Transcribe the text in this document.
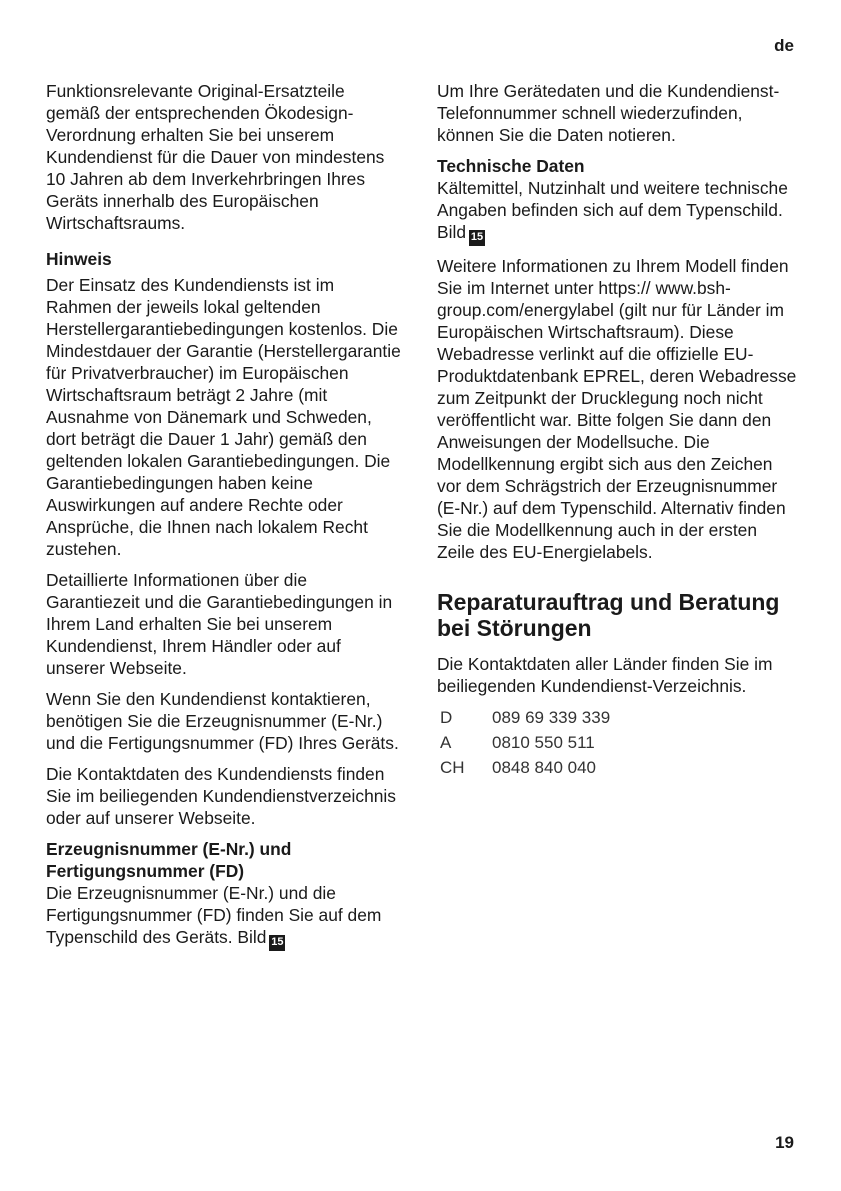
de

Funktionsrelevante Original-Ersatzteile gemäß der entsprechenden Ökodesign-Verordnung erhalten Sie bei unserem Kundendienst für die Dauer von mindestens 10 Jahren ab dem Inverkehrbringen Ihres Geräts innerhalb des Europäischen Wirtschaftsraums.

Hinweis

Der Einsatz des Kundendiensts ist im Rahmen der jeweils lokal geltenden Herstellergarantiebedingungen kostenlos. Die Mindestdauer der Garantie (Herstellergarantie für Privatverbraucher) im Europäischen Wirtschaftsraum beträgt 2 Jahre (mit Ausnahme von Dänemark und Schweden, dort beträgt die Dauer 1 Jahr) gemäß den geltenden lokalen Garantiebedingungen. Die Garantiebedingungen haben keine Auswirkungen auf andere Rechte oder Ansprüche, die Ihnen nach lokalem Recht zustehen.

Detaillierte Informationen über die Garantiezeit und die Garantiebedingungen in Ihrem Land erhalten Sie bei unserem Kundendienst, Ihrem Händler oder auf unserer Webseite.

Wenn Sie den Kundendienst kontaktieren, benötigen Sie die Erzeugnisnummer (E-Nr.) und die Fertigungsnummer (FD) Ihres Geräts.

Die Kontaktdaten des Kundendiensts finden Sie im beiliegenden Kundendienstverzeichnis oder auf unserer Webseite.

Erzeugnisnummer (E-Nr.) und Fertigungsnummer (FD)

Die Erzeugnisnummer (E-Nr.) und die Fertigungsnummer (FD) finden Sie auf dem Typenschild des Geräts. Bild 15

Um Ihre Gerätedaten und die Kundendienst-Telefonnummer schnell wiederzufinden, können Sie die Daten notieren.

Technische Daten

Kältemittel, Nutzinhalt und weitere technische Angaben befinden sich auf dem Typenschild. Bild 15

Weitere Informationen zu Ihrem Modell finden Sie im Internet unter https:// www.bsh-group.com/energylabel (gilt nur für Länder im Europäischen Wirtschaftsraum). Diese Webadresse verlinkt auf die offizielle EU-Produktdatenbank EPREL, deren Webadresse zum Zeitpunkt der Drucklegung noch nicht veröffentlicht war. Bitte folgen Sie dann den Anweisungen der Modellsuche. Die Modellkennung ergibt sich aus den Zeichen vor dem Schrägstrich der Erzeugnisnummer (E-Nr.) auf dem Typenschild. Alternativ finden Sie die Modellkennung auch in der ersten Zeile des EU-Energielabels.

Reparaturauftrag und Beratung bei Störungen

Die Kontaktdaten aller Länder finden Sie im beiliegenden Kundendienst-Verzeichnis.

D	089 69 339 339
A	0810 550 511
CH	0848 840 040
19
